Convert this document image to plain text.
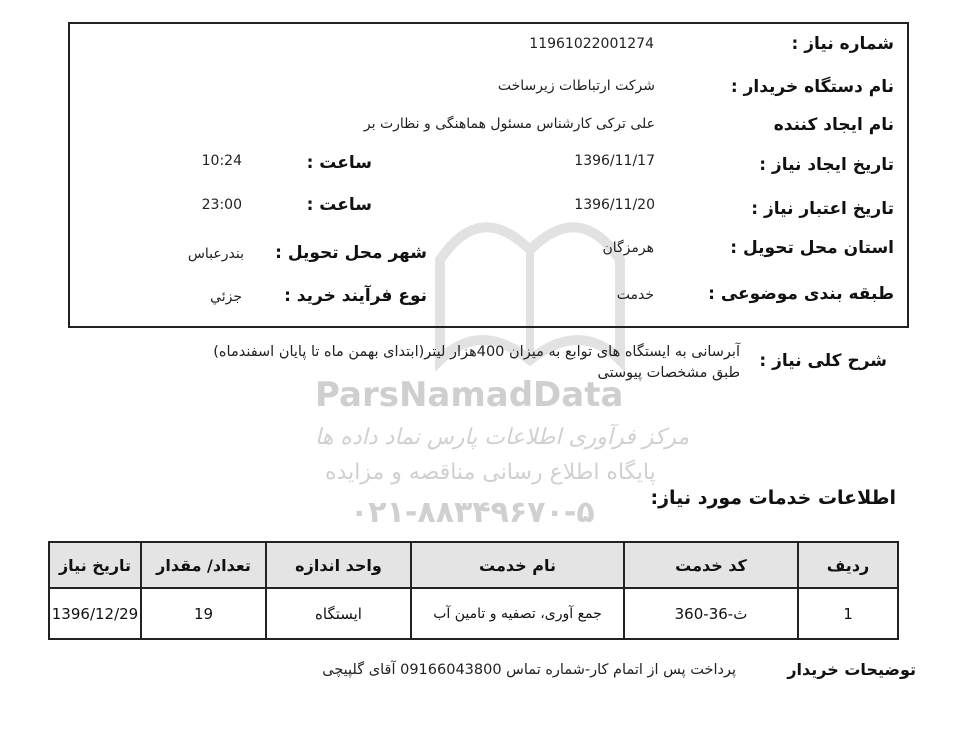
ParsNamadData
مرکز فرآوری اطلاعات پارس نماد داده ها
پایگاه اطلاع رسانی مناقصه و مزایده
۰۲۱-۸۸۳۴۹۶۷۰-۵
شماره نیاز :
11961022001274
نام دستگاه خریدار :
شرکت ارتباطات زیرساخت
نام ایجاد کننده
علی ترکی کارشناس مسئول هماهنگی و نظارت بر
تاریخ ایجاد نیاز :
1396/11/17
ساعت :
10:24
تاریخ اعتبار نیاز :
1396/11/20
ساعت :
23:00
استان محل تحویل :
هرمزگان
شهر محل تحویل :
بندرعباس
طبقه بندی موضوعی :
خدمت
نوع فرآیند خرید :
جزئي
شرح کلی نیاز :
آبرسانی به ایستگاه های توابع به میزان 400هزار لیتر(ابتدای بهمن ماه تا پایان اسفندماه)
طبق مشخصات پیوستی
اطلاعات خدمات مورد نیاز:
ردیف	کد خدمت	نام خدمت	واحد اندازه	تعداد/ مقدار	تاریخ نیاز
1	ث-36-360	جمع آوری، تصفیه و تامین آب	ایستگاه	19	1396/12/29
توضیحات خریدار
پرداخت پس از اتمام کار-شماره تماس 09166043800 آقای گلپیچی
